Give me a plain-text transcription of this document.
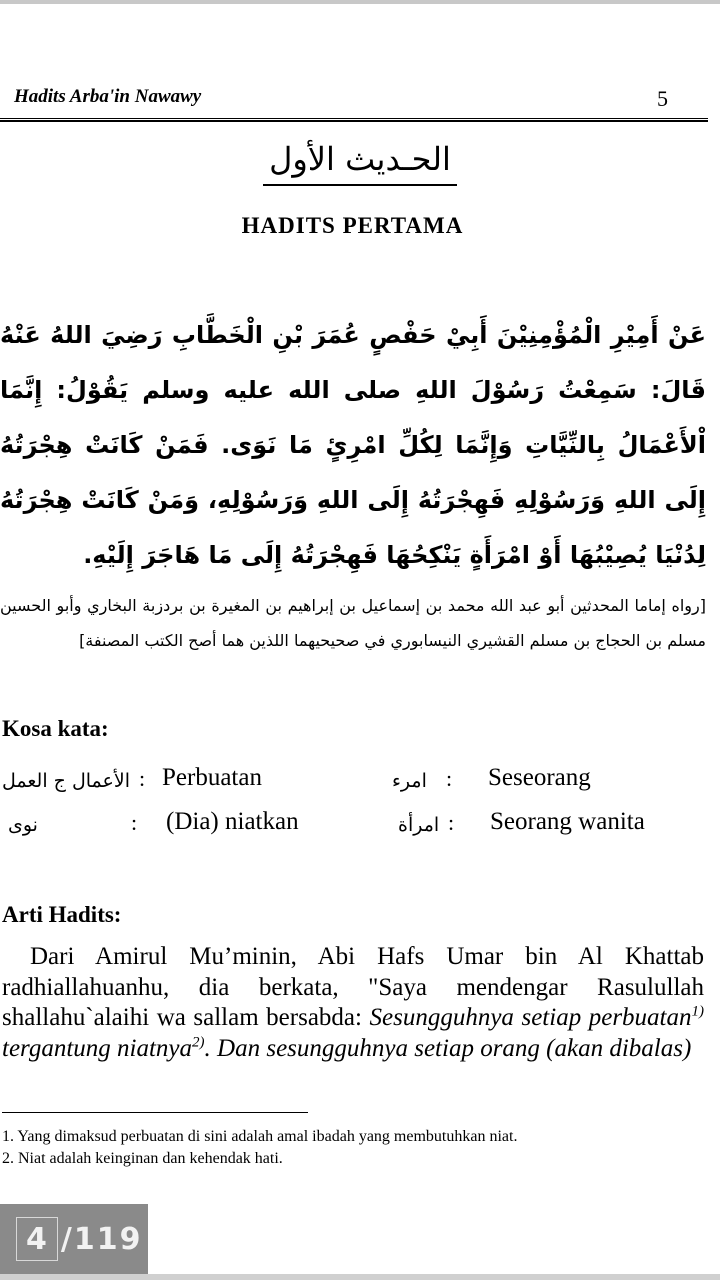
Hadits Arba'in Nawawy	5
الحـديث الأول
HADITS PERTAMA
عَنْ أَمِيْرِ الْمُؤْمِنِيْنَ أَبِيْ حَفْصٍ عُمَرَ بْنِ الْخَطَّابِ رَضِيَ اللهُ عَنْهُ قَالَ: سَمِعْتُ رَسُوْلَ اللهِ صلى الله عليه وسلم يَقُوْلُ: إِنَّمَا اْلأَعْمَالُ بِالنِّيَّاتِ وَإِنَّمَا لِكُلِّ امْرِئٍ مَا نَوَى. فَمَنْ كَانَتْ هِجْرَتُهُ إِلَى اللهِ وَرَسُوْلِهِ فَهِجْرَتُهُ إِلَى اللهِ وَرَسُوْلِهِ، وَمَنْ كَانَتْ هِجْرَتُهُ لِدُنْيَا يُصِيْبُهَا أَوْ امْرَأَةٍ يَنْكِحُهَا فَهِجْرَتُهُ إِلَى مَا هَاجَرَ إِلَيْهِ.
[رواه إماما المحدثين أبو عبد الله محمد بن إسماعيل بن إبراهيم بن المغيرة بن بردزبة البخاري وأبو الحسين مسلم بن الحجاج بن مسلم القشيري النيسابوري في صحيحيهما اللذين هما أصح الكتب المصنفة]
Kosa kata:
الأعمال ج العمل : Perbuatan	امرء : Seseorang
نوى	: (Dia) niatkan	امرأة : Seorang wanita
Arti Hadits:
Dari Amirul Mu’minin, Abi Hafs Umar bin Al Khattab radhiallahuanhu, dia berkata, "Saya mendengar Rasulullah shallahu`alaihi wa sallam bersabda: Sesungguhnya setiap perbuatan$^{1)}$ tergantung niatnya$^{2)}$. Dan sesungguhnya setiap orang (akan dibalas)
1. Yang dimaksud perbuatan di sini adalah amal ibadah yang membutuhkan niat.
2. Niat adalah keinginan dan kehendak hati.
4 /119
